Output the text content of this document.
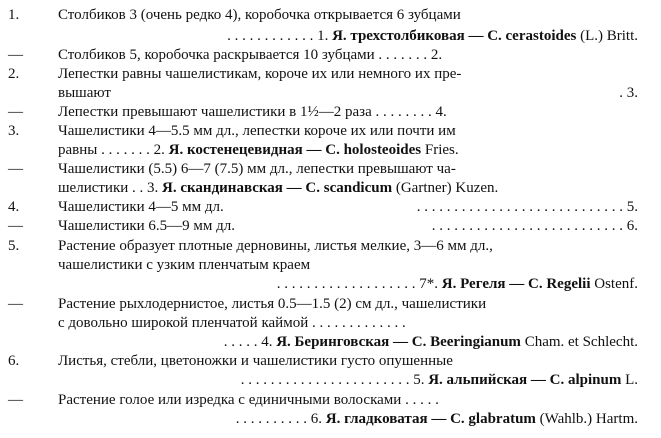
1.	Столбиков 3 (очень редко 4), коробочка открывается 6 зубцами
. . . . . . . . . . . . 1. Я. трехстолбиковая — C. cerastoides (L.) Britt.
— Столбиков 5, коробочка раскрывается 10 зубцами . . . . . . . 2.
2.	Лепестки равны чашелистикам, короче их или немного их пре-
вышают	. 3.
— Лепестки превышают чашелистики в 1½—2 раза . . . . . . . . 4.
3.	Чашелистики 4—5.5 мм дл., лепестки короче их или почти им
равны . . . . . . . 2. Я. костенецевидная — C. holosteoides Fries.
— Чашелистики (5.5) 6—7 (7.5) мм дл., лепестки превышают ча-
шелистики . . 3. Я. скандинавская — C. scandicum (Gartner) Kuzen.
4.	Чашелистики 4—5 мм дл.	. . . . . . . . . . . . . . . . . . . . . . . . . . . . 5.
— Чашелистики 6.5—9 мм дл.	. . . . . . . . . . . . . . . . . . . . . . . . . . 6.
5.	Растение образует плотные дерновины, листья мелкие, 3—6 мм дл.,
чашелистики с узким пленчатым краем
. . . . . . . . . . . . . . . . . . . 7*. Я. Регеля — C. Regelii Ostenf.
— Растение рыхлодернистое, листья 0.5—1.5 (2) см дл., чашелистики
с довольно широкой пленчатой каймой . . . . . . . . . . . . .
. . . . . 4. Я. Беринговская — C. Beeringianum Cham. et Schlecht.
6.	Листья, стебли, цветоножки и чашелистики густо опушенные
. . . . . . . . . . . . . . . . . . . . . . . 5. Я. альпийская — C. alpinum L.
— Растение голое или изредка с единичными волосками . . . . .
. . . . . . . . . . 6. Я. гладковатая — C. glabratum (Wahlb.) Hartm.
